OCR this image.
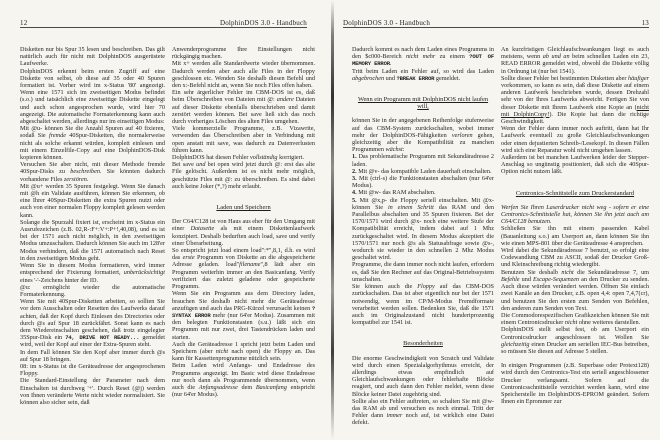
12	DolphinDOS 3.0 - Handbuch
Disketten nur bis Spur 35 lesen und beschreiben. Das gilt natürlich auch für nicht mit DolphinDOS ausgerüstete Laufwerke.
DolphinDOS erkennt beim ersten Zugriff auf eine Diskette von selbst, ob diese auf 35 oder 40 Spuren formatiert ist. Vorher wird im x-Status '80' angezeigt. Wenn eine 1571 sich im zweiseitigen Modus befindet (s.o.) und tatsächlich eine zweiseitige Diskette eingelegt und auch schon angesprochen wurde, wird hier 70 angezeigt. Die automatische Formaterkennung kann auch abgeschaltet werden, allerdings nur im einseitigen Modus:
Mit @u- können Sie die Anzahl Spuren auf 40 fixieren, sodaß Sie fremde 40Spur-Disketten, die normalerweise nicht als solche erkannt würden, komplett einlesen und mit einem Einzelfile-Copy auf eine DolphinDOS-Disk kopieren können.
Versuchen Sie aber nicht, mit dieser Methode fremde 40Spur-Disks zu beschreiben. Sie könnten dadurch vorhandene Files zerstören.
Mit @u+ werden 35 Spuren festgelegt. Wenn Sie danach mit @h ein Validate ausführen, können Sie erkennen, ob eine Ihrer 40Spur-Disketten die extra Spuren nutzt oder auch von einer normalen Floppy komplett gelesen werden kann.
Solange die Spurzahl fixiert ist, erscheint im x-Status ein Ausrufezeichen (z.B. 02,R-:F+:V+:P+!,40,08), und es ist bei der 1571 auch nicht möglich, in den zweiseitigen Modus umzuschalten. Dadurch können Sie auch im 128'er Modus verhindern, daß die 1571 automatisch nach Reset in den zweiseitigen Modus geht.
Wenn Sie in diesem Modus formatieren, wird immer entsprechend der Fixierung formatiert, unberücksichtigt eines '-'-Zeichens hinter der ID.
@u: ermöglicht wieder die automatische Formaterkennung.
Wenn Sie mit 40Spur-Disketten arbeiten, so sollten Sie vor dem Ausschalten oder Resetten des Laufwerks darauf achten, daß der Kopf durch Einlesen des Directories oder durch @s auf Spur 18 zurückfährt. Sonst kann es nach dem Wiedereinschalten geschehen, daß trotz eingelegter 35Spur-Disk ein 74, DRIVE NOT READY... gemeldet wird, weil der Kopf auf einer der Extra-Spuren steht.
In dem Fall können Sie den Kopf aber immer durch @s auf Spur 18 bringen.
08: im x-Status ist die Geräteadresse der angesprochenen Floppy.
Die Standard-Einstellung der Parameter nach dem Einschalten ist durchweg '+'. Durch Reset (@j) werden von Ihnen veränderte Werte nicht wieder normalisiert. Sie können also sicher sein, daß
Anwenderprogramme Ihre Einstellungen nicht rückgängig machen.
Mit x+ werden alle Standardwerte wieder übernommen. Dadurch werden aber auch alle Files in der Floppy geschlossen etc. Wenden Sie deshalb diesen Befehl und den x:-Befehl nicht an, wenn Sie noch Files offen haben.
Ein sehr ärgerlicher Fehler im CBM-DOS ist es, daß beim Überschreiben von Dateien mit @: andere Dateien auf dieser Diskette ebenfalls überschrieben und damit zerstört werden können. Bei save ließ sich das noch durch vorheriges Löschen des alten Files umgehen.
Viele kommerzielle Programme, z.B. Vizawrite, verwenden das Überschreiben aber in Verbindung mit open anstatt mit save, was dadurch zu Datenverlusten führen kann.
DolphinDOS hat diesen Fehler vollständig korrigiert.
Bei save und bei open wird jetzt durch @: erst das alte File gelöscht. Außerdem ist es nicht mehr möglich, geschützte Files mit @: zu überschreiben. Es sind dabei auch keine Joker (*,?) mehr erlaubt.
Laden und Speichern
Der C64/C128 ist von Haus aus eher für den Umgang mit einer Datasette als mit einem Diskettenlaufwerk konzipiert. Deshalb bedurften auch load, save und verify einer Überarbeitung.
So entspricht jetzt load einem load":*",8,1, d.h. es wird das erste Programm von Diskette an die abgespeicherte Adresse geladen. load"filename",8 lädt aber ein Programm weiterhin immer an den Basicanfang. Verify verifiziert das zuletzt geladene oder gespeicherte Programm.
Wenn Sie ein Programm aus dem Directory laden, brauchen Sie deshalb nicht mehr die Geräteadresse anzufügen und auch das PRG-Kürzel verursacht keinen ?SYNTAX ERROR mehr (nur 64'er Modus). Zusammen mit den belegten Funktionstasten (s.u.) läßt sich ein Programm mit nur zwei, drei Tastendrücken laden und starten.
Auch die Geräteadresse 1 spricht jetzt beim Laden und Speichern (aber nicht nach open) die Floppy an. Das kann für Kassettenprogramme nützlich sein.
Beim Laden wird Anfangs- und Endadresse des Programms angezeigt. Im Basic wird diese Endadresse nur noch dann als Programmende übernommen, wenn auch die Anfangsadresse dem Basicanfang entspricht (nur 64'er Modus).
DolphinDOS 3.0 - Handbuch	13
Dadurch kommt es nach dem Laden eines Programms in den $c000-Bereich nicht mehr zu einem ?OUT OF MEMORY ERROR.
Tritt beim Laden ein Fehler auf, so wird das Laden abgebrochen und ?BREAK ERROR gemeldet.
Wenn ein Programm mit DolphinDOS nicht laufen will,
können Sie in der angegebenen Reihenfolge stufenweise auf das CBM-System zurückschalten, wobei immer mehr der DolphinDOS-Fähigkeiten verloren gehen, gleichzeitig aber die Kompatibilität zu manchen Programmen wächst:
1. Das problematische Programm mit Sekundäradresse 2 laden.
2. Mit @v- das kompatible Laden dauerhaft einschalten.
3. Mit (ctrl-s) die Funktionstasten abschalten (nur 64'er Modus).
4. Mit @w- das RAM abschalten.
5. Mit @x,p- die Floppy seriell einschalten. Mit @x- können Sie in einem Schritt das RAM und den Parallelbus abschalten und 35 Spuren fixieren. Bei der 1570/1571 wird durch @x- noch eine weitere Stufe der Kompatibilität erreicht, indem dabei auf 1 Mhz zurückgeschaltet wird. In diesem Modus akzeptiert die 1570/1571 nur noch @s als Statusabfrage sowie @s-, wodurch sie wieder in den schnellen 2 Mhz Modus geschaltet wird.
Programme, die dann immer noch nicht laufen, erfordern es, daß Sie den Rechner auf das Original-Betriebssystem umschalten.
Sie können auch die Floppy auf das CBM-DOS zurückschalten. Das ist aber eigentlich nur bei der 1571 notwendig, wenn im CP/M-Modus Fremdformate verarbeitet werden sollen. Bedenken Sie, daß die 1571 auch im Originalzustand nicht hundertprozentig kompatibel zur 1541 ist.
Besonderheiten
Die enorme Geschwindigkeit von Scratch und Validate wird durch einen Spezialalgorhythmus erreicht, der allerdings etwas empfindlich auf Gleichlaufschwankungen oder fehlerhafte Blöcke reagiert, und auch dann den Fehler meldet, wenn diese Blöcke keiner Datei zugehörig sind.
Sollte also ein Fehler auftreten, so schalten Sie mit @w- das RAM ab und versuchen es noch einmal. Tritt der Fehler dann immer noch auf, ist wirklich eine Datei defekt.
An kurzfristigen Gleichlaufschwankungen liegt es auch meistens, wenn ab und an beim schnellen Laden ein 23, READ ERROR gemeldet wird, obwohl die Diskette völlig in Ordnung ist (nur bei 1541).
Sollte dieser Fehler bei bestimmten Disketten aber häufiger vorkommen, so kann es sein, daß diese Diskette auf einem anderen Laufwerk beschrieben wurde, dessen Drehzahl sehr von der Ihres Laufwerks abweicht. Fertigen Sie von dieser Diskette mit Ihrem Laufwerk eine Kopie an (nicht mit DolphinCopy!). Die Kopie hat dann die richtige Geschwindigkeit.
Wenn der Fehler dann immer noch auftritt, dann hat Ihr Laufwerk eventuell zu große Gleichlaufschwankungen oder einen dejustierten Schreib-/Lesekopf. In diesen Fällen wird sich eine Reparatur wohl nicht umgehen lassen.
Außerdem ist bei manchen Laufwerken leider der Stepper-Anschlag so ungünstig positioniert, daß sich die 40Spur-Option nicht nutzen läßt.
Centronics-Schnittstelle zum Druckerstandard
Werfen Sie Ihren Laserdrucker nicht weg - sofern er eine Centronics-Schnittstelle hat, können Sie ihn jetzt auch am C64/C128 benutzen.
Schließen Sie ihn mit einem passenden Kabel (Bauanleitung s.o.) am Userport an, dann können Sie ihn wie einen MPS-801 über die Geräteadresse 4 ansprechen.
Wird dabei die Sekundäradresse 7 benutzt, so erfolgt eine Codewandlung CBM zu ASCII, sodaß der Drucker Groß- und Kleinschreibung richtig wiedergibt.
Benutzen Sie deshalb nicht die Sekundäradresse 7, um Befehle und Escape-Sequenzen an den Drucker zu senden. Auch diese würden verändert werden. Öffnen Sie einfach zwei Kanäle an den Drucker, z.B. open 4,4: open 7,4,7(cr), und benutzen Sie den ersten zum Senden von Befehlen, den anderen zum Senden von Text.
Die Commodorespezifischen Grafikzeichen können Sie mit einem Centronicsdrucker nicht ohne weiteres darstellen.
DolphinDOS stellt selbst fest, ob am Userport ein Centronicsdrucker angeschlossen ist. Wollen Sie gleichzeitig einen Drucker am seriellen IEC-Bus betreiben, so müssen Sie diesen auf Adresse 5 stellen.
In einigen Programmen (z.B. Superbase oder Protext128) wird durch den Centronics-Test ein seriell angeschlossener Drucker verlangsamt. Sofern auf die Centronicsschnittstelle verzichtet werden kann, wird eine Speicherstelle im DolphinDOS-EPROM geändert. Sofern Ihnen ein Eprommer zur
